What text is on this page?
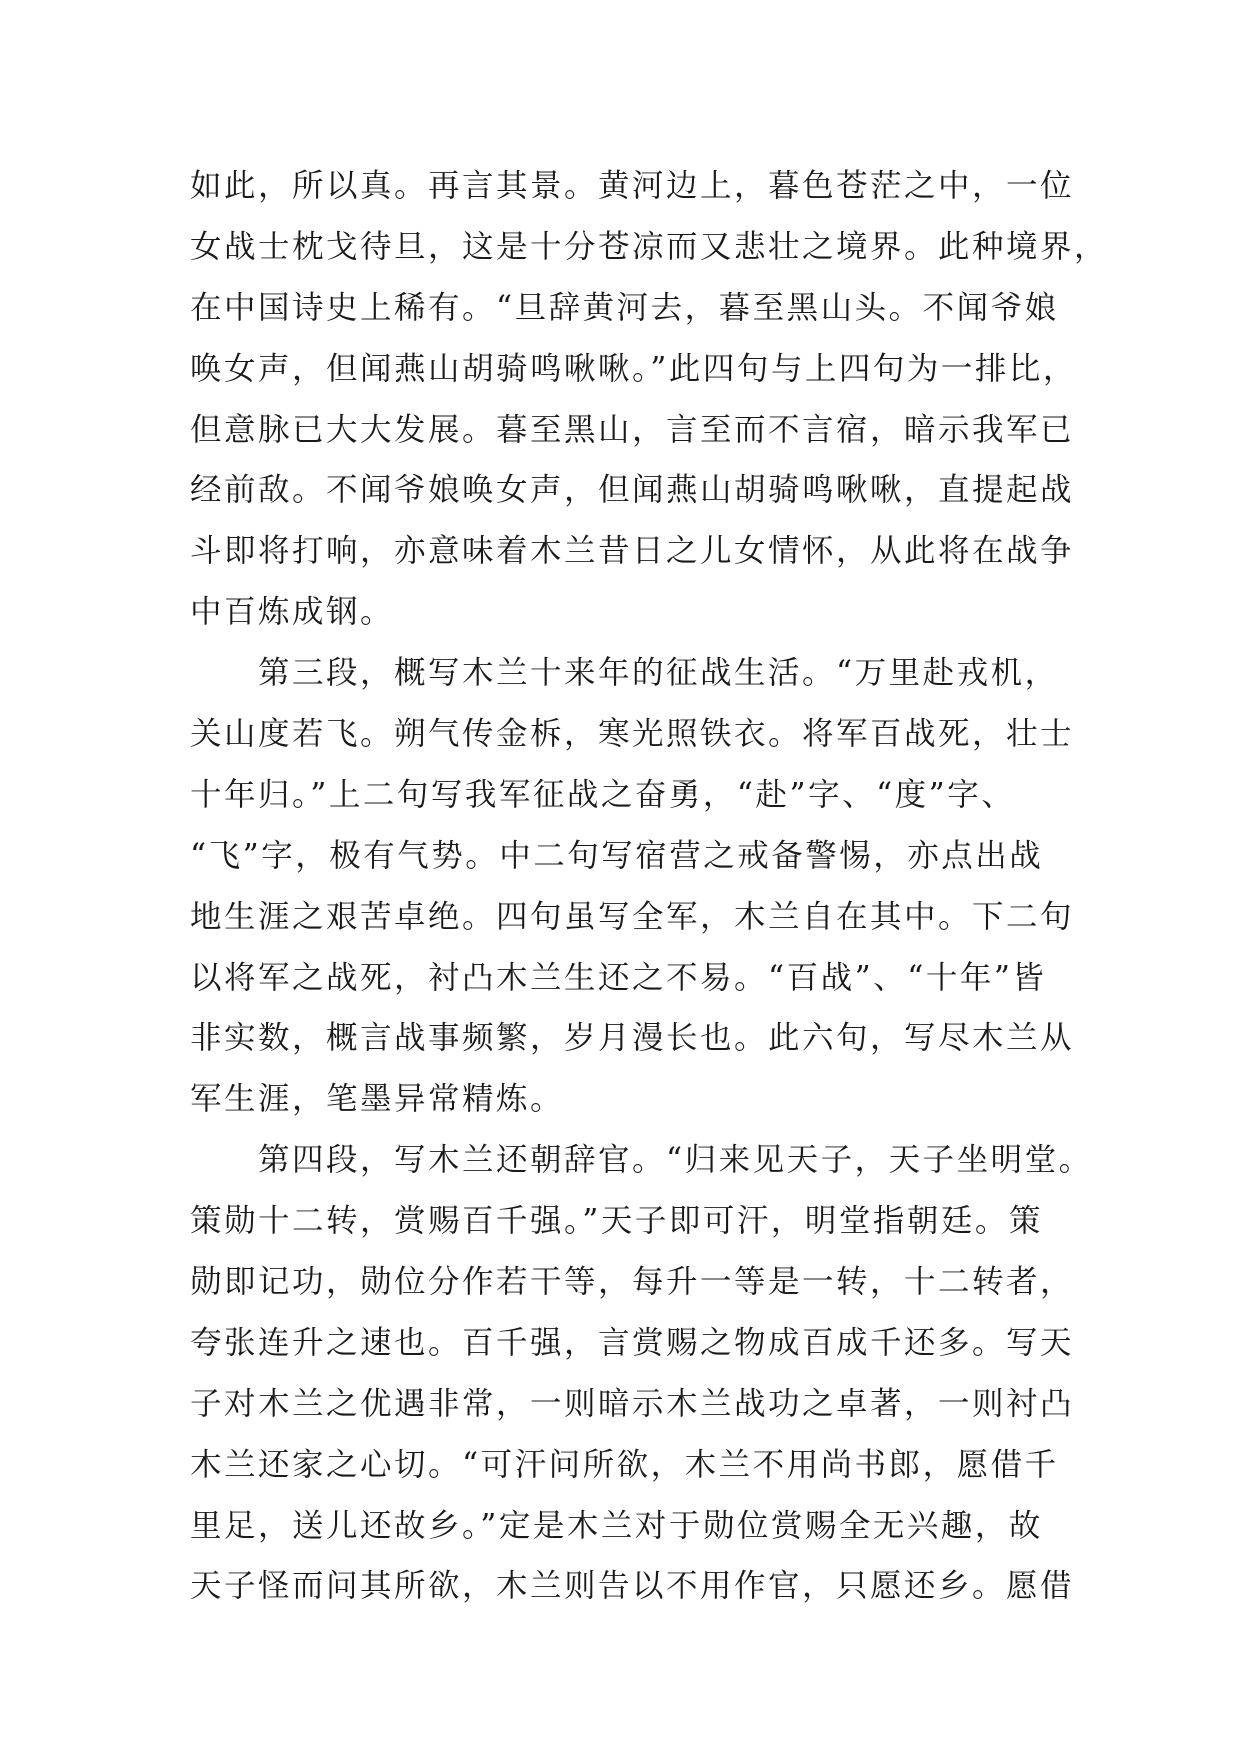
如此，所以真。再言其景。黄河边上，暮色苍茫之中，一位
女战士枕戈待旦，这是十分苍凉而又悲壮之境界。此种境界，
在中国诗史上稀有。“旦辞黄河去，暮至黑山头。不闻爷娘
唤女声，但闻燕山胡骑鸣啾啾。”此四句与上四句为一排比，
但意脉已大大发展。暮至黑山，言至而不言宿，暗示我军已
经前敌。不闻爷娘唤女声，但闻燕山胡骑鸣啾啾，直提起战
斗即将打响，亦意味着木兰昔日之儿女情怀，从此将在战争
中百炼成钢。
第三段，概写木兰十来年的征战生活。“万里赴戎机，
关山度若飞。朔气传金柝，寒光照铁衣。将军百战死，壮士
十年归。”上二句写我军征战之奋勇，“赴”字、“度”字、
“飞”字，极有气势。中二句写宿营之戒备警惕，亦点出战
地生涯之艰苦卓绝。四句虽写全军，木兰自在其中。下二句
以将军之战死，衬凸木兰生还之不易。“百战”、“十年”皆
非实数，概言战事频繁，岁月漫长也。此六句，写尽木兰从
军生涯，笔墨异常精炼。
第四段，写木兰还朝辞官。“归来见天子，天子坐明堂。
策勋十二转，赏赐百千强。”天子即可汗，明堂指朝廷。策
勋即记功，勋位分作若干等，每升一等是一转，十二转者，
夸张连升之速也。百千强，言赏赐之物成百成千还多。写天
子对木兰之优遇非常，一则暗示木兰战功之卓著，一则衬凸
木兰还家之心切。“可汗问所欲，木兰不用尚书郎，愿借千
里足，送儿还故乡。”定是木兰对于勋位赏赐全无兴趣，故
天子怪而问其所欲，木兰则告以不用作官，只愿还乡。愿借
